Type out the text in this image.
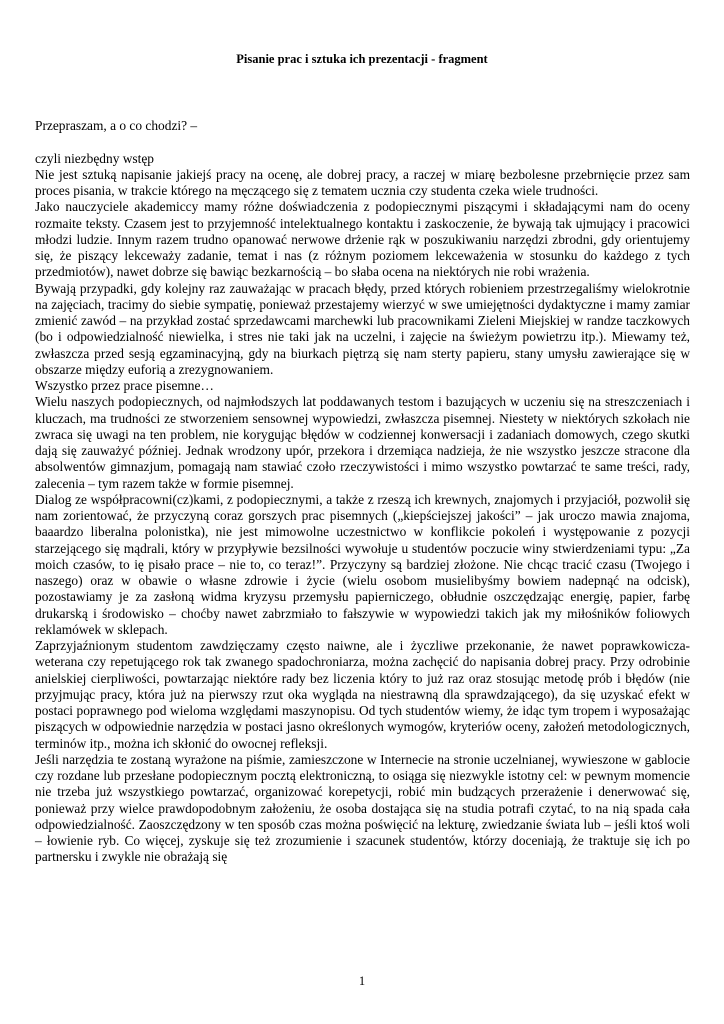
Pisanie prac i sztuka ich prezentacji - fragment

Przepraszam, a o co chodzi? –

czyli niezbędny wstęp

Nie jest sztuką napisanie jakiejś pracy na ocenę, ale dobrej pracy, a raczej w miarę bezbolesne przebrnięcie przez sam proces pisania, w trakcie którego na męczącego się z tematem ucznia czy studenta czeka wiele trudności.

Jako nauczyciele akademiccy mamy różne doświadczenia z podopiecznymi piszącymi i składającymi nam do oceny rozmaite teksty. Czasem jest to przyjemność intelektualnego kontaktu i zaskoczenie, że bywają tak ujmujący i pracowici młodzi ludzie. Innym razem trudno opanować nerwowe drżenie rąk w poszukiwaniu narzędzi zbrodni, gdy orientujemy się, że piszący lekceważy zadanie, temat i nas (z różnym poziomem lekceważenia w stosunku do każdego z tych przedmiotów), nawet dobrze się bawiąc bezkarnością – bo słaba ocena na niektórych nie robi wrażenia.

Bywają przypadki, gdy kolejny raz zauważając w pracach błędy, przed których robieniem przestrzegaliśmy wielokrotnie na zajęciach, tracimy do siebie sympatię, ponieważ przestajemy wierzyć w swe umiejętności dydaktyczne i mamy zamiar zmienić zawód – na przykład zostać sprzedawcami marchewki lub pracownikami Zieleni Miejskiej w randze taczkowych (bo i odpowiedzialność niewielka, i stres nie taki jak na uczelni, i zajęcie na świeżym powietrzu itp.). Miewamy też, zwłaszcza przed sesją egzaminacyjną, gdy na biurkach piętrzą się nam sterty papieru, stany umysłu zawierające się w obszarze między euforią a zrezygnowaniem.

Wszystko przez prace pisemne…

Wielu naszych podopiecznych, od najmłodszych lat poddawanych testom i bazujących w uczeniu się na streszczeniach i kluczach, ma trudności ze stworzeniem sensownej wypowiedzi, zwłaszcza pisemnej. Niestety w niektórych szkołach nie zwraca się uwagi na ten problem, nie korygując błędów w codziennej konwersacji i zadaniach domowych, czego skutki dają się zauważyć później. Jednak wrodzony upór, przekora i drzemiąca nadzieja, że nie wszystko jeszcze stracone dla absolwentów gimnazjum, pomagają nam stawiać czoło rzeczywistości i mimo wszystko powtarzać te same treści, rady, zalecenia – tym razem także w formie pisemnej.

Dialog ze współpracowni(cz)kami, z podopiecznymi, a także z rzeszą ich krewnych, znajomych i przyjaciół, pozwolił się nam zorientować, że przyczyną coraz gorszych prac pisemnych („kiepściejszej jakości” – jak uroczo mawia znajoma, baaardzo liberalna polonistka), nie jest mimowolne uczestnictwo w konflikcie pokoleń i występowanie z pozycji starzejącego się mądrali, który w przypływie bezsilności wywołuje u studentów poczucie winy stwierdzeniami typu: „Za moich czasów, to ię pisało prace – nie to, co teraz!”. Przyczyny są bardziej złożone. Nie chcąc tracić czasu (Twojego i naszego) oraz w obawie o własne zdrowie i życie (wielu osobom musielibyśmy bowiem nadepnąć na odcisk), pozostawiamy je za zasłoną widma kryzysu przemysłu papierniczego, obłudnie oszczędzając energię, papier, farbę drukarską i środowisko – choćby nawet zabrzmiało to fałszywie w wypowiedzi takich jak my miłośników foliowych reklamówek w sklepach.

Zaprzyjaźnionym studentom zawdzięczamy często naiwne, ale i życzliwe przekonanie, że nawet poprawkowicza-weterana czy repetującego rok tak zwanego spadochroniarza, można zachęcić do napisania dobrej pracy. Przy odrobinie anielskiej cierpliwości, powtarzając niektóre rady bez liczenia który to już raz oraz stosując metodę prób i błędów (nie przyjmując pracy, która już na pierwszy rzut oka wygląda na niestrawną dla sprawdzającego), da się uzyskać efekt w postaci poprawnego pod wieloma względami maszynopisu. Od tych studentów wiemy, że idąc tym tropem i wyposażając piszących w odpowiednie narzędzia w postaci jasno określonych wymogów, kryteriów oceny, założeń metodologicznych, terminów itp., można ich skłonić do owocnej refleksji.

Jeśli narzędzia te zostaną wyrażone na piśmie, zamieszczone w Internecie na stronie uczelnianej, wywieszone w gablocie czy rozdane lub przesłane podopiecznym pocztą elektroniczną, to osiąga się niezwykle istotny cel: w pewnym momencie nie trzeba już wszystkiego powtarzać, organizować korepetycji, robić min budzących przerażenie i denerwować się, ponieważ przy wielce prawdopodobnym założeniu, że osoba dostająca się na studia potrafi czytać, to na nią spada cała odpowiedzialność. Zaoszczędzony w ten sposób czas można poświęcić na lekturę, zwiedzanie świata lub – jeśli ktoś woli – łowienie ryb. Co więcej, zyskuje się też zrozumienie i szacunek studentów, którzy doceniają, że traktuje się ich po partnersku i zwykle nie obrażają się

1
